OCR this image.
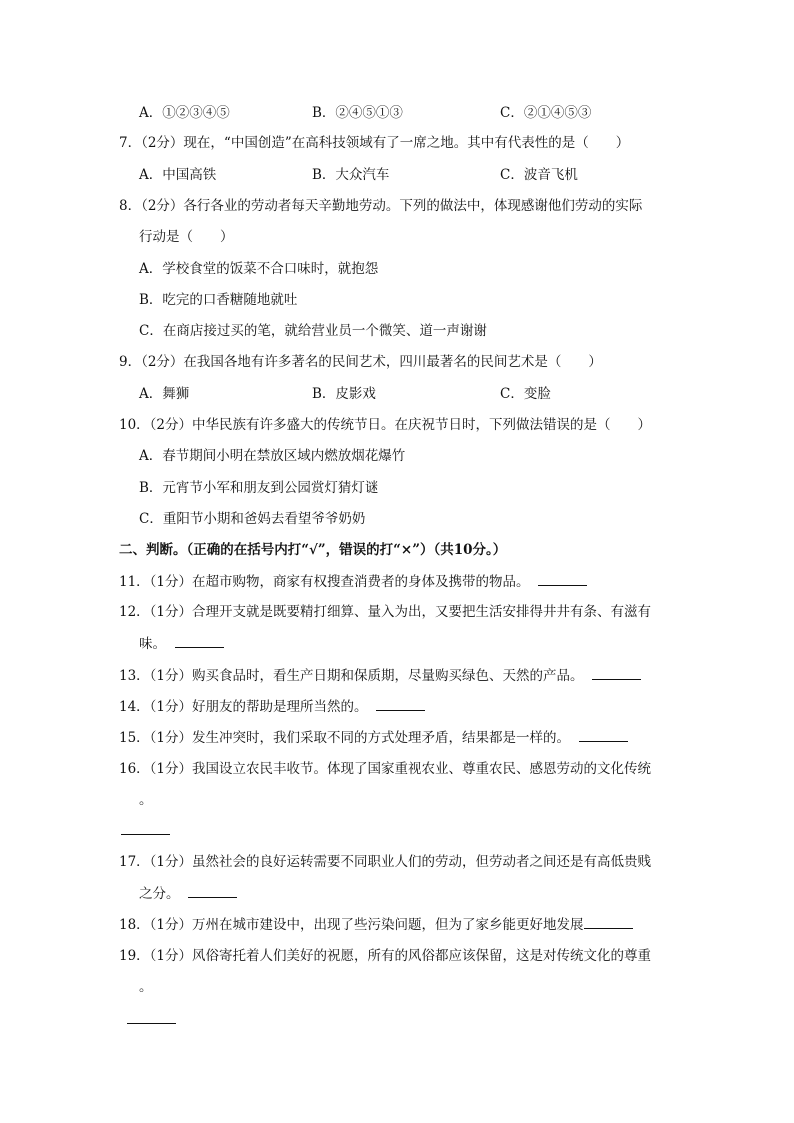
A．①②③④⑤	B．②④⑤①③	C．②①④⑤③
7．（2分）现在，“中国创造”在高科技领域有了一席之地。其中有代表性的是（　　）
A．中国高铁	B．大众汽车	C．波音飞机
8．（2分）各行各业的劳动者每天辛勤地劳动。下列的做法中，体现感谢他们劳动的实际
行动是（　　）
A．学校食堂的饭菜不合口味时，就抱怨
B．吃完的口香糖随地就吐
C．在商店接过买的笔，就给营业员一个微笑、道一声谢谢
9．（2分）在我国各地有许多著名的民间艺术，四川最著名的民间艺术是（　　）
A．舞狮	B．皮影戏	C．变脸
10．（2分）中华民族有许多盛大的传统节日。在庆祝节日时，下列做法错误的是（　　）
A．春节期间小明在禁放区域内燃放烟花爆竹
B．元宵节小军和朋友到公园赏灯猜灯谜
C．重阳节小期和爸妈去看望爷爷奶奶
二、判断。（正确的在括号内打“√”，错误的打“×”）（共10分。）
11．（1分）在超市购物，商家有权搜查消费者的身体及携带的物品。
12．（1分）合理开支就是既要精打细算、量入为出，又要把生活安排得井井有条、有滋有
味。
13．（1分）购买食品时，看生产日期和保质期，尽量购买绿色、天然的产品。
14．（1分）好朋友的帮助是理所当然的。
15．（1分）发生冲突时，我们采取不同的方式处理矛盾，结果都是一样的。
16．（1分）我国设立农民丰收节。体现了国家重视农业、尊重农民、感恩劳动的文化传统
。
17．（1分）虽然社会的良好运转需要不同职业人们的劳动，但劳动者之间还是有高低贵贱
之分。
18．（1分）万州在城市建设中，出现了些污染问题，但为了家乡能更好地发展
19．（1分）风俗寄托着人们美好的祝愿，所有的风俗都应该保留，这是对传统文化的尊重
。
